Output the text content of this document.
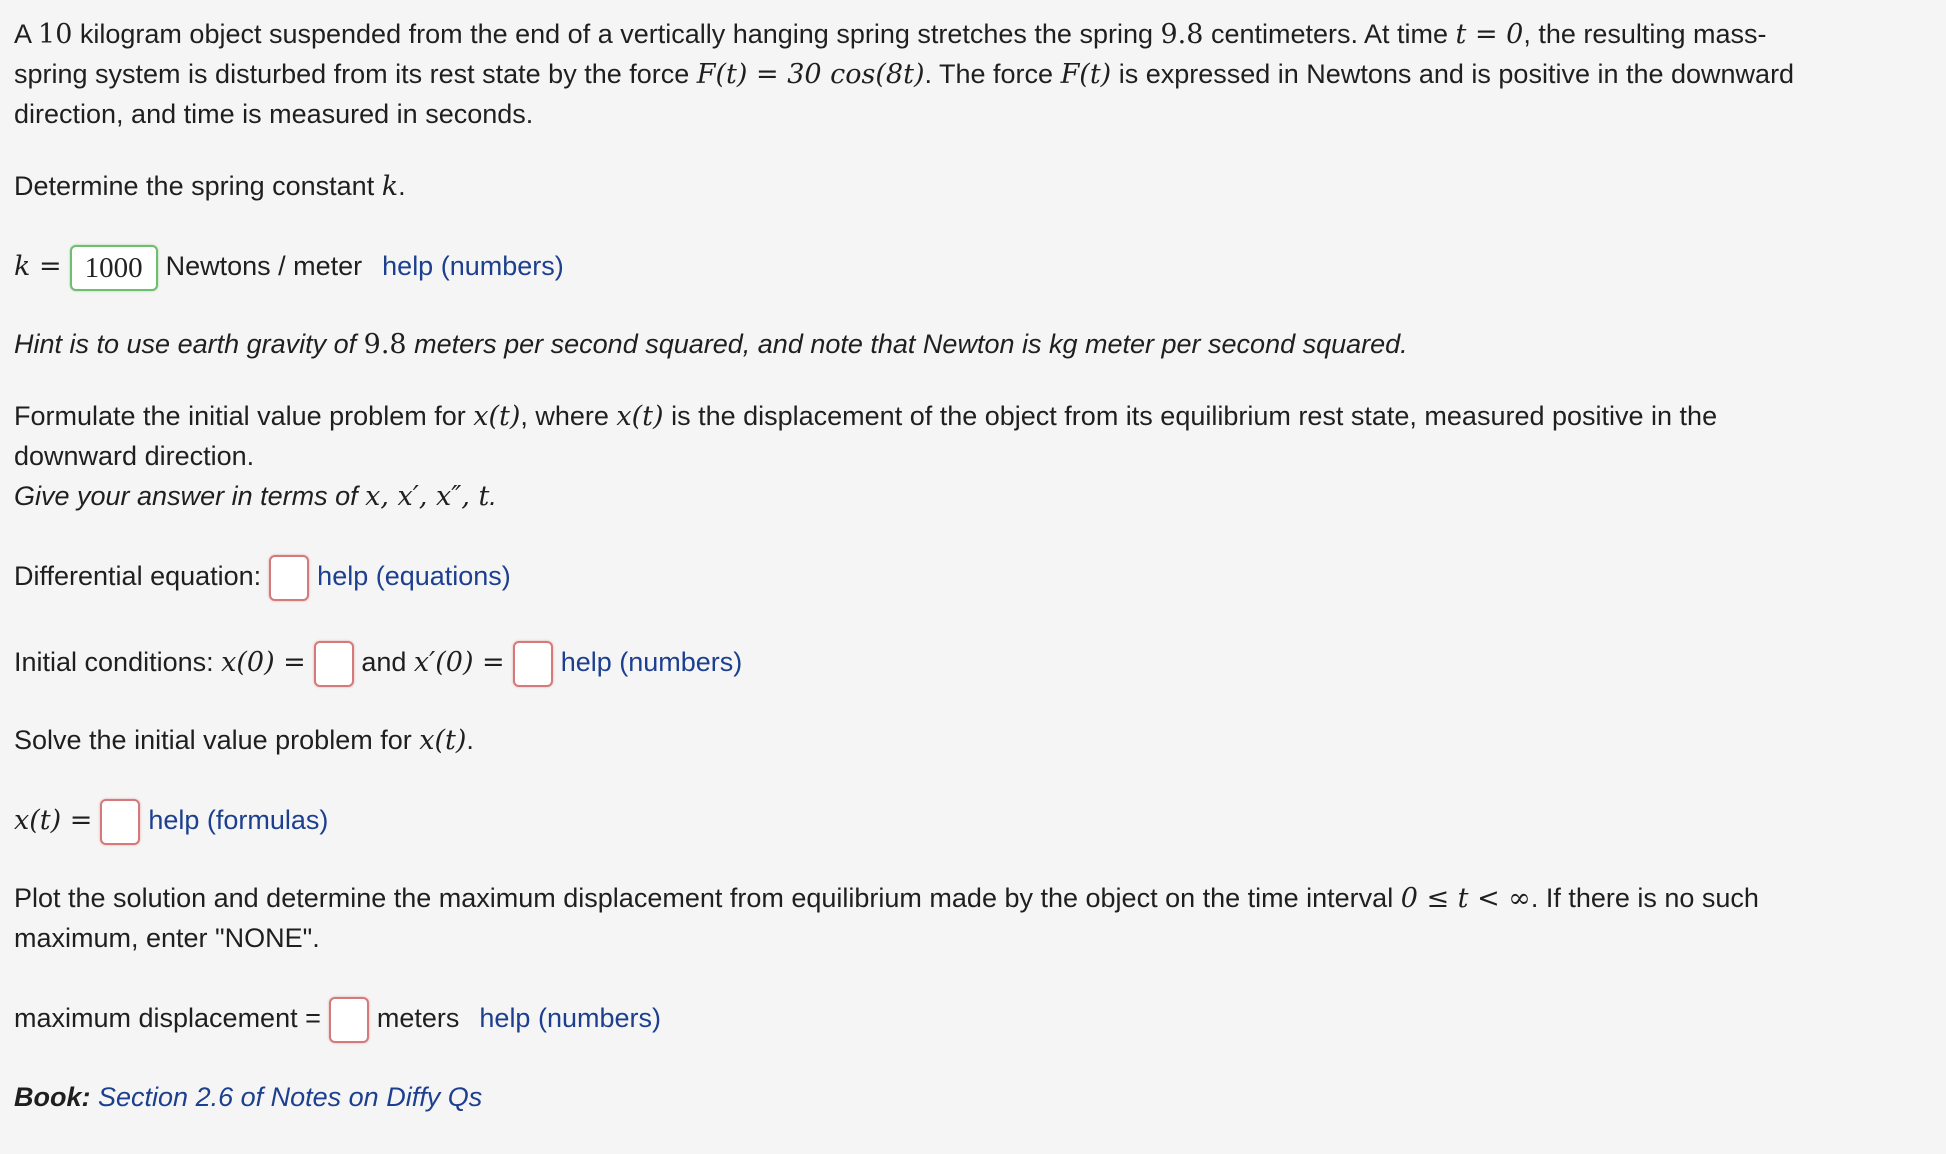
A 10 kilogram object suspended from the end of a vertically hanging spring stretches the spring 9.8 centimeters. At time t = 0, the resulting mass-

spring system is disturbed from its rest state by the force F(t) = 30 cos(8t). The force F(t) is expressed in Newtons and is positive in the downward

direction, and time is measured in seconds.

Determine the spring constant k.

k = 1000 Newtons / meter help (numbers)

Hint is to use earth gravity of 9.8 meters per second squared, and note that Newton is kg meter per second squared.

Formulate the initial value problem for x(t), where x(t) is the displacement of the object from its equilibrium rest state, measured positive in the

downward direction.

Give your answer in terms of x, x′, x″, t.

Differential equation: help (equations)

Initial conditions: x(0) = and x′(0) = help (numbers)

Solve the initial value problem for x(t).

x(t) = help (formulas)

Plot the solution and determine the maximum displacement from equilibrium made by the object on the time interval 0 ≤ t < ∞. If there is no such

maximum, enter "NONE".

maximum displacement = meters help (numbers)

Book: Section 2.6 of Notes on Diffy Qs
